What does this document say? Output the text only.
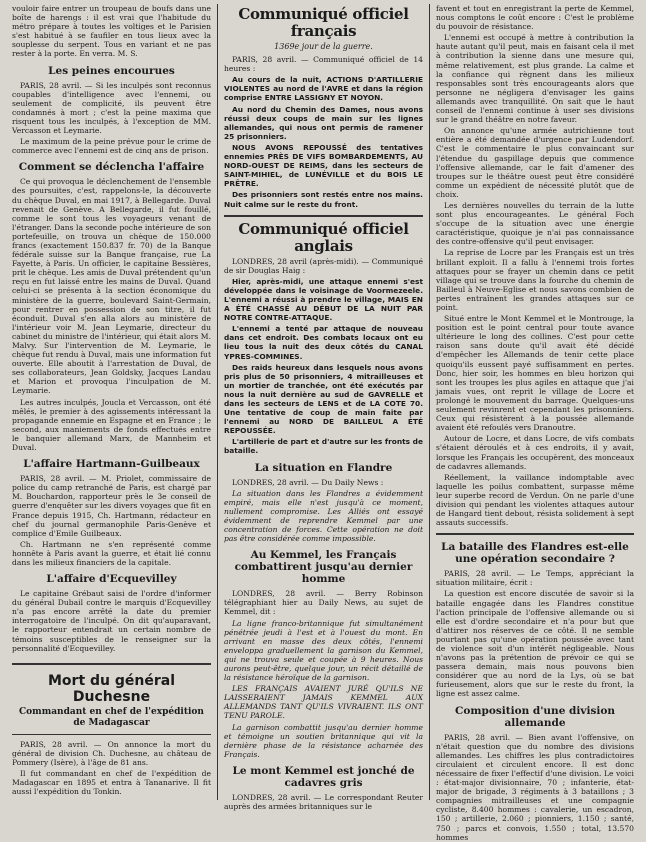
vouloir faire entrer un troupeau de boufs dans une boîte de harengs : il est vrai que l'habitude du métro prépare à toutes les voltiges et le Parisien s'est habitué à se faufiler en tous lieux avec la souplesse du serpent. Tous en variant et ne pas rester à la porte. En verra. M. S.

Les peines encourues

PARIS, 28 avril. — Si les inculpés sont reconnus coupables d'intelligence avec l'ennemi, ou seulement de complicité, ils peuvent être condamnés à mort ; c'est la peine maxima que risquent tous les inculpés, à l'exception de MM. Vercasson et Leymarie.

Le maximum de la peine prévue pour le crime de commerce avec l'ennemi est de cinq ans de prison.

Comment se déclencha l'affaire

Ce qui provoqua le déclenchement de l'ensemble des poursuites, c'est, rappelons-le, la découverte du chèque Duval, en mai 1917, à Bellegarde. Duval revenait de Genève. A Bellegarde, il fut fouillé, comme le sont tous les voyageurs venant de l'étranger. Dans la seconde poche intérieure de son portefeuille, on trouva un chèque de 150.000 francs (exactement 150.837 fr. 70) de la Banque fédérale suisse sur la Banque française, rue La Fayette, à Paris. Un officier, le capitaine Bessières, prit le chèque. Les amis de Duval prétendent qu'un reçu en fut laissé entre les mains de Duval. Quand celui-ci se présenta à la section économique du ministère de la guerre, boulevard Saint-Germain, pour rentrer en possession de son titre, il fut éconduit. Duval s'en alla alors au ministère de l'intérieur voir M. Jean Leymarie, directeur du cabinet du ministre de l'intérieur, qui était alors M. Malvy. Sur l'intervention de M. Leymarie, le chèque fut rendu à Duval, mais une information fut ouverte. Elle aboutit à l'arrestation de Duval, de ses collaborateurs, Jean Goldsky, Jacques Landau et Marion et provoqua l'inculpation de M. Leymarie.

Les autres inculpés, Joucla et Vercasson, ont été mêlés, le premier à des agissements intéressant la propagande ennemie en Espagne et en France ; le second, aux maniements de fonds effectués entre le banquier allemand Marx, de Mannheim et Duval.

L'affaire Hartmann-Guilbeaux

PARIS, 28 avril. — M. Priolet, commissaire de police du camp retranché de Paris, est chargé par M. Bouchardon, rapporteur près le 3e conseil de guerre d'enquêter sur les divers voyages que fit en France depuis 1915, Ch. Hartmann, rédacteur en chef du journal germanophile Paris-Genève et complice d'Emile Guilbeaux.

Ch. Hartmann ne s'en représenté comme honnête à Paris avant la guerre, et était lié connu dans les milieux financiers de la capitale.

L'affaire d'Ecquevilley

Le capitaine Grébaut saisi de l'ordre d'informer du général Dubail contre le marquis d'Ecquevilley n'a pas encore arrêté la date du premier interrogatoire de l'inculpé. On dit qu'auparavant, le rapporteur entendrait un certain nombre de témoins susceptibles de le renseigner sur la personnalité d'Ecquevilley.

Mort du général Duchesne
Commandant en chef de l'expédition de Madagascar

PARIS, 28 avril. — On annonce la mort du général de division Ch. Duchesne, au château de Pommery (Isère), à l'âge de 81 ans.

Il fut commandant en chef de l'expédition de Madagascar en 1895 et entra à Tananarive. Il fit aussi l'expédition du Tonkin.

Communiqué officiel français
1369e jour de la guerre.

PARIS, 28 avril. — Communiqué officiel de 14 heures :

Au cours de la nuit, ACTIONS D'ARTILLERIE VIOLENTES au nord de l'AVRE et dans la région comprise ENTRE LASSIGNY ET NOYON.

Au nord du Chemin des Dames, nous avons réussi deux coups de main sur les lignes allemandes, qui nous ont permis de ramener 25 prisonniers.

NOUS AVONS REPOUSSÉ des tentatives ennemies PRÈS DE VIFS BOMBARDEMENTS, AU NORD-OUEST DE REIMS, dans les secteurs de SAINT-MIHIEL, de LUNÉVILLE et du BOIS LE PRÊTRE.

Des prisonniers sont restés entre nos mains. Nuit calme sur le reste du front.

Communiqué officiel anglais

LONDRES, 28 avril (après-midi). — Communiqué de sir Douglas Haig :

Hier, après-midi, une attaque ennemi s'est développée dans le voisinage de Voormezeele. L'ennemi a réussi à prendre le village, MAIS EN A ÉTÉ CHASSÉ AU DÉBUT DE LA NUIT PAR NOTRE CONTRE-ATTAQUE.

L'ennemi a tenté par attaque de nouveau dans cet endroit. Des combats locaux ont eu lieu tous la nuit des deux côtés du CANAL YPRES-COMMINES.

Des raids heureux dans lesquels nous avons pris plus de 50 prisonniers, 4 mitrailleuses et un mortier de tranchée, ont été exécutés par nous la nuit dernière au sud de GAVRELLE et dans les secteurs de LENS et de LA COTE 70. Une tentative de coup de main faite par l'ennemi au NORD DE BAILLEUL A ÉTÉ REPOUSSÉE.

L'artillerie de part et d'autre sur les fronts de bataille.

La situation en Flandre

LONDRES, 28 avril. — Du Daily News :

La situation dans les Flandres a évidemment empiré, mais elle n'est jusqu'à ce moment, nullement compromise. Les Alliés ont essayé évidemment de reprendre Kemmel par une concentration de forces. Cette opération ne doit pas être considérée comme impossible.

Au Kemmel, les Français combattirent jusqu'au dernier homme

LONDRES, 28 avril. — Berry Robinson télégraphiant hier au Daily News, au sujet de Kemmel, dit :

La ligne franco-britannique fut simultanément pénétrée jeudi à l'est et à l'ouest du mont. En arrivant en masse des deux côtés, l'ennemi enveloppa graduellement la garnison du Kemmel, qui ne trouva seule et coupée à 9 heures. Nous aurons peut-être, quelque jour, un récit détaillé de la résistance héroïque de la garnison.

LES FRANÇAIS AVAIENT JURÉ QU'ILS NE LAISSERAIENT JAMAIS KEMMEL AUX ALLEMANDS TANT QU'ILS VIVRAIENT. ILS ONT TENU PAROLE.

La garnison combattit jusqu'au dernier homme et témoigne un soutien britannique qui vit la dernière phase de la résistance acharnée des Français.

Le mont Kemmel est jonché de cadavres gris

LONDRES, 28 avril. — Le correspondant Reuter auprès des armées britanniques sur le

favent et tout en enregistrant la perte de Kemmel, nous comptons le coût encore : C'est le problème du pouvoir de résistance.

L'ennemi est occupé à mettre à contribution la haute autant qu'il peut, mais en faisant cela il met à contribution la sienne dans une mesure qui, même relativement, est plus grande. La calme et la confiance qui règnent dans les milieux responsables sont très encourageants alors que personne ne négligera d'envisager les gains allemands avec tranquillité. On sait que le haut conseil de l'ennemi continue à user ses divisions sur le grand théâtre en notre faveur.

On annonce qu'une armée autrichienne tout entière a été demandée d'urgence par Ludendorf. C'est le commentaire le plus convaincant sur l'étendue du gaspillage depuis que commence l'offensive allemande, car le fait d'amener des troupes sur le théâtre ouest peut être considéré comme un expédient de nécessité plutôt que de choix.

Les dernières nouvelles du terrain de la lutte sont plus encourageantes. Le général Foch s'occupe de la situation avec une énergie caractéristique, quoique je n'ai pas connaissance des contre-offensive qu'il peut envisager.

La reprise de Locre par les Français est un très brillant exploit. Il a fallu à l'ennemi trois fortes attaques pour se frayer un chemin dans ce petit village qui se trouve dans la fourche du chemin de Bailleul à Neuve-Eglise et nous savons combien de pertes entraînent les grandes attaques sur ce point.

Situé entre le Mont Kemmel et le Montrouge, la position est le point central pour toute avance ultérieure le long des collines. C'est pour cette raison sans doute qu'il avait été décidé d'empêcher les Allemands de tenir cette place quoiqu'ils eussent payé suffisamment en pertes. Donc, hier soir, les hommes en bleu horizon qui sont les troupes les plus agiles en attaque que j'ai jamais vues, ont reprit le village de Locre et prolongé le mouvement du barrage. Quelques-uns seulement revinrent et cependant les prisonniers. Ceux qui résistèrent à la poussée allemande avaient été refoulés vers Dranoutre.

Autour de Locre, et dans Locre, de vifs combats s'étaient déroulés et à ces endroits, il y avait, lorsque les Français les occupèrent, des monceaux de cadavres allemands.

Réellement, la vaillance indomptable avec laquelle les poilus combattent, surpasse même leur superbe record de Verdun. On ne parle d'une division qui pendant les violentes attaques autour de Hangard tient debout, résista solidement à sept assauts successifs.

La bataille des Flandres est-elle une opération secondaire ?

PARIS, 28 avril. — Le Temps, appréciant la situation militaire, écrit :

La question est encore discutée de savoir si la bataille engagée dans les Flandres constitue l'action principale de l'offensive allemande ou si elle est d'ordre secondaire et n'a pour but que d'attirer nos réserves de ce côté. Il ne semble pourtant pas qu'une opération poussée avec tant de violence soit d'un intérêt négligeable. Nous n'avons pas la prétention de prévoir ce qui se passera demain, mais nous pouvons bien considérer que au nord de la Lys, où se bat furieusement, alors que sur le reste du front, la ligne est assez calme.

Composition d'une division allemande

PARIS, 28 avril. — Bien avant l'offensive, on n'était question que du nombre des divisions allemandes. Les chiffres les plus contradictoires circulaient et circulent encore. Il est donc nécessaire de fixer l'effectif d'une division. Le voici : état-major divisionnaire, 70 ; infanterie, état-major de brigade, 3 régiments à 3 bataillons ; 3 compagnies mitrailleuses et une compagnie cycliste, 8.400 hommes : cavalerie, un escadron, 150 ; artillerie, 2.060 ; pionniers, 1.150 ; santé, 750 ; parcs et convois, 1.550 ; total, 13.570 hommes
